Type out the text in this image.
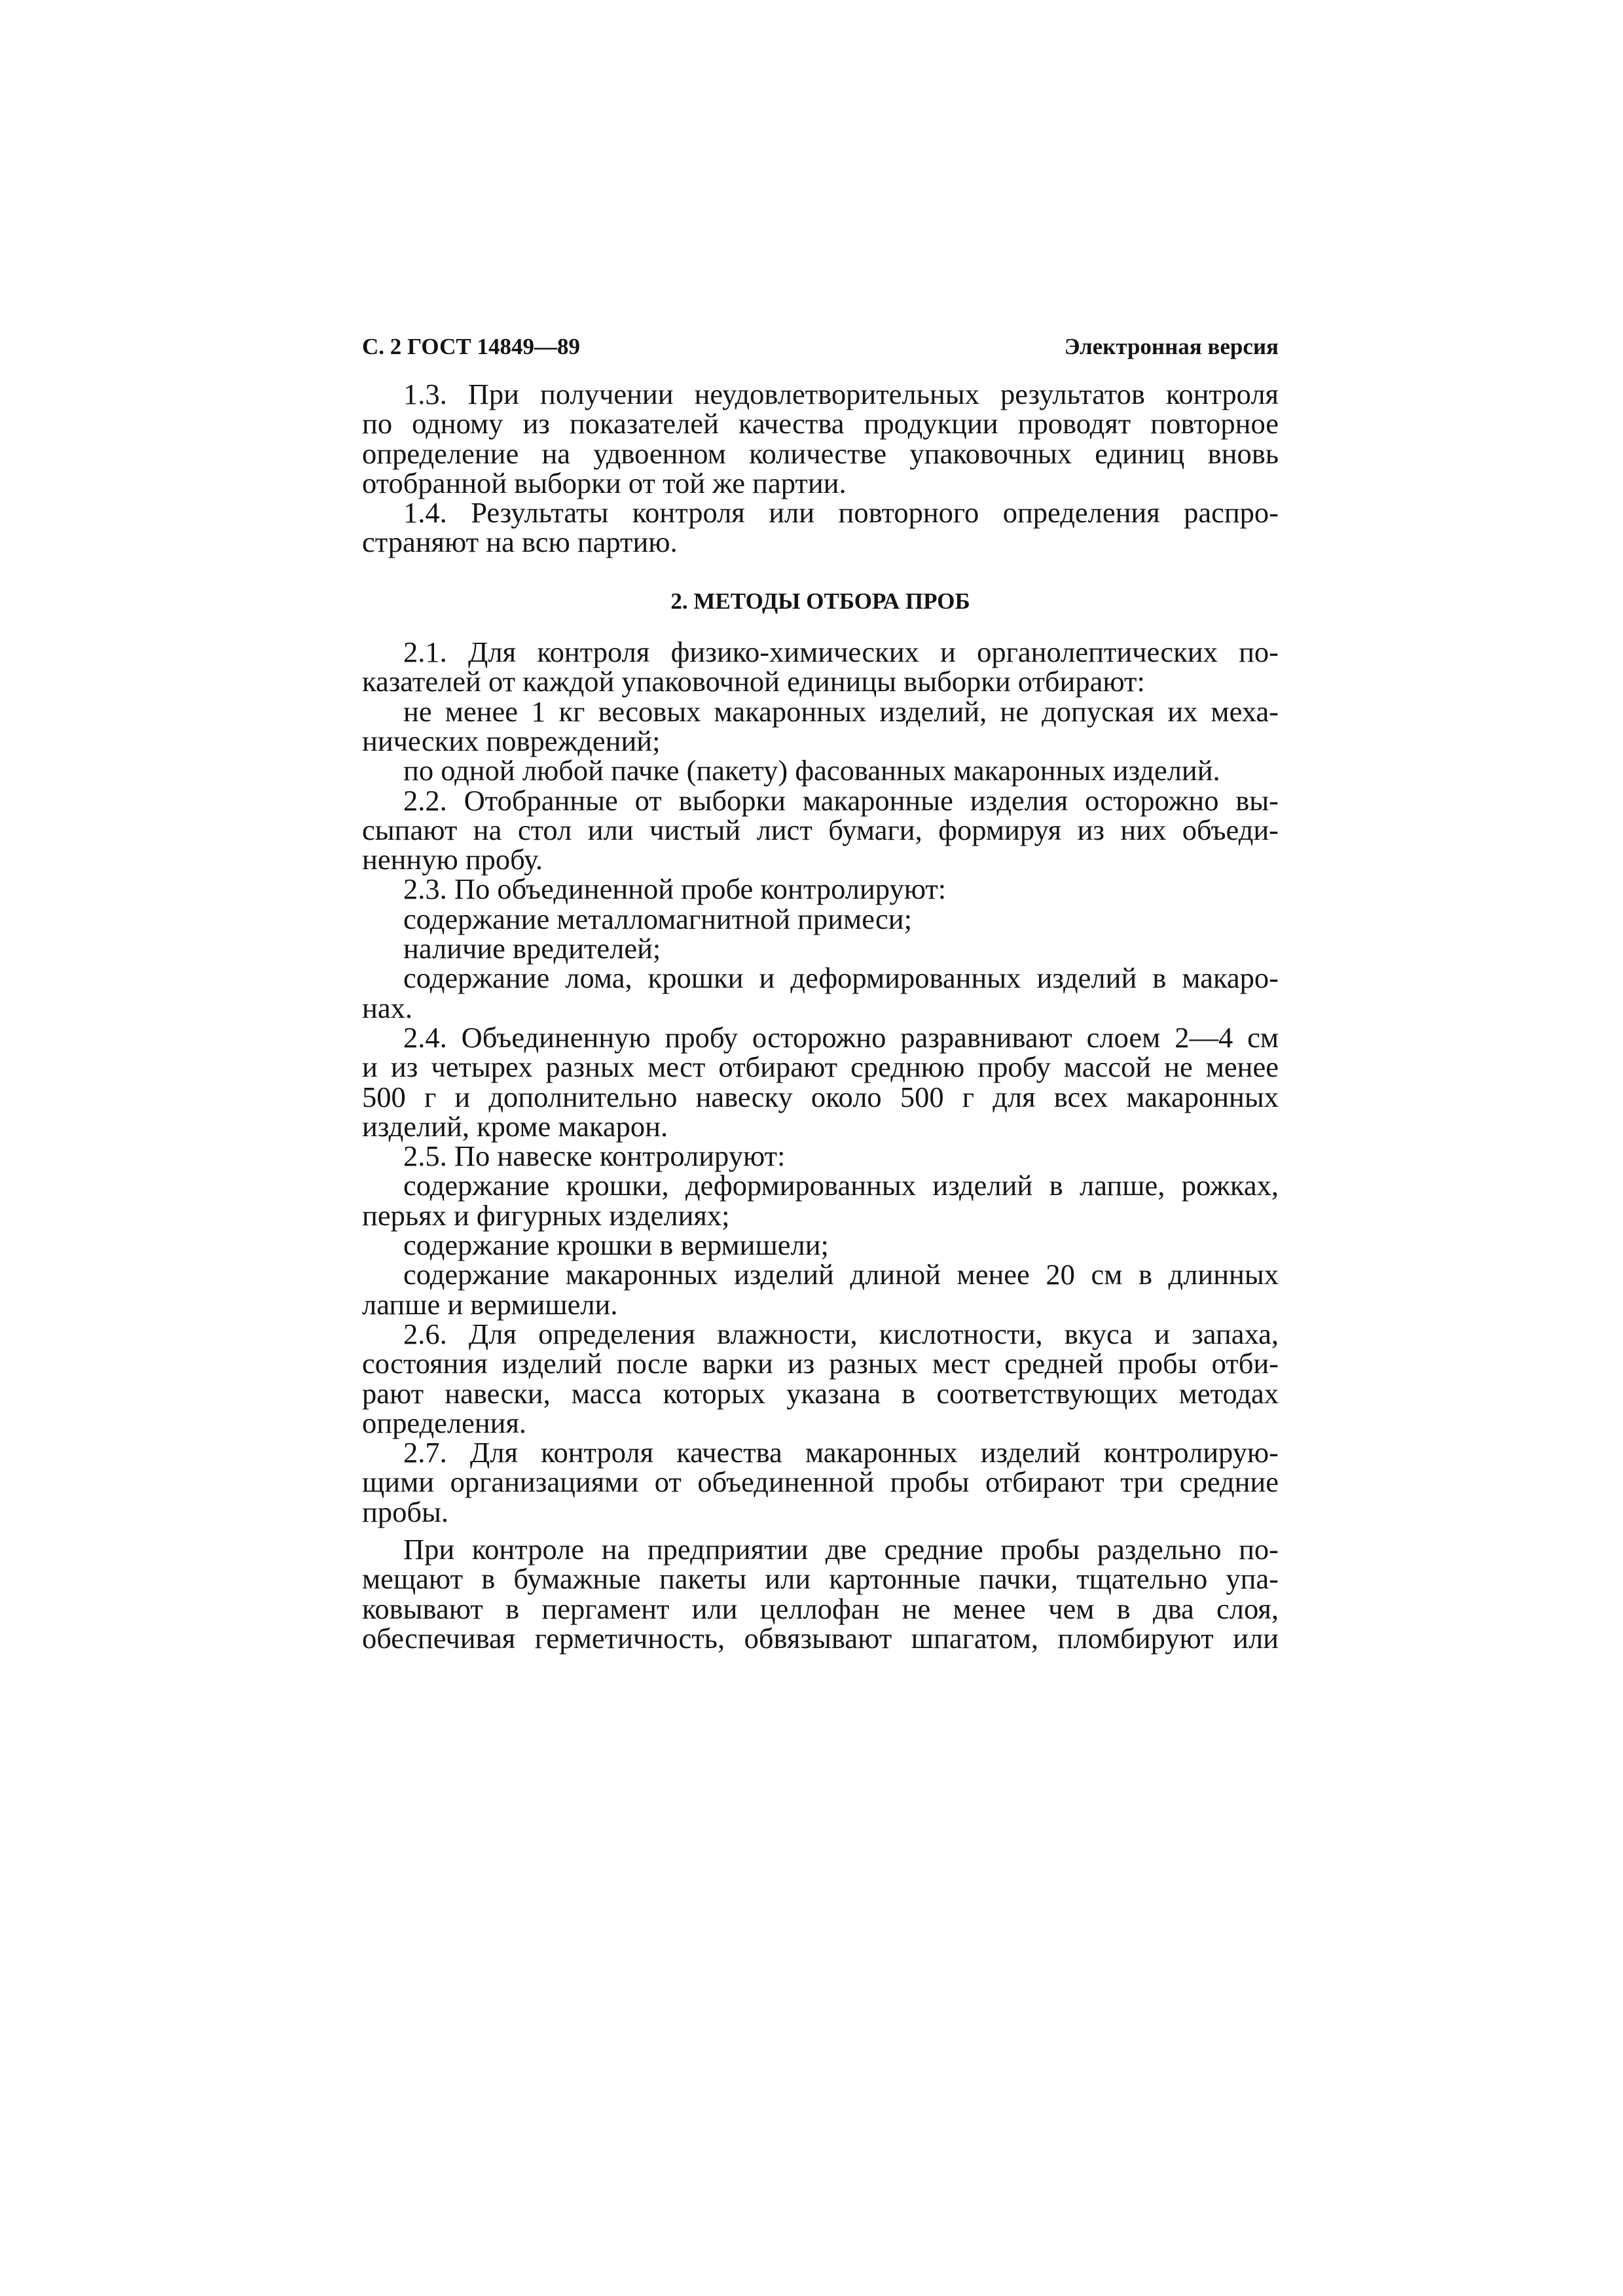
С. 2 ГОСТ 14849—89	Электронная версия
1.3. При получении неудовлетворительных результатов контроля
по одному из показателей качества продукции проводят повторное
определение на удвоенном количестве упаковочных единиц вновь
отобранной выборки от той же партии.
1.4. Результаты контроля или повторного определения распро-
страняют на всю партию.
2. МЕТОДЫ ОТБОРА ПРОБ
2.1. Для контроля физико-химических и органолептических по-
казателей от каждой упаковочной единицы выборки отбирают:
не менее 1 кг весовых макаронных изделий, не допуская их меха-
нических повреждений;
по одной любой пачке (пакету) фасованных макаронных изделий.
2.2. Отобранные от выборки макаронные изделия осторожно вы-
сыпают на стол или чистый лист бумаги, формируя из них объеди-
ненную пробу.
2.3. По объединенной пробе контролируют:
содержание металломагнитной примеси;
наличие вредителей;
содержание лома, крошки и деформированных изделий в макаро-
нах.
2.4. Объединенную пробу осторожно разравнивают слоем 2—4 см
и из четырех разных мест отбирают среднюю пробу массой не менее
500 г и дополнительно навеску около 500 г для всех макаронных
изделий, кроме макарон.
2.5. По навеске контролируют:
содержание крошки, деформированных изделий в лапше, рожках,
перьях и фигурных изделиях;
содержание крошки в вермишели;
содержание макаронных изделий длиной менее 20 см в длинных
лапше и вермишели.
2.6. Для определения влажности, кислотности, вкуса и запаха,
состояния изделий после варки из разных мест средней пробы отби-
рают навески, масса которых указана в соответствующих методах
определения.
2.7. Для контроля качества макаронных изделий контролирую-
щими организациями от объединенной пробы отбирают три средние
пробы.
При контроле на предприятии две средние пробы раздельно по-
мещают в бумажные пакеты или картонные пачки, тщательно упа-
ковывают в пергамент или целлофан не менее чем в два слоя,
обеспечивая герметичность, обвязывают шпагатом, пломбируют или
